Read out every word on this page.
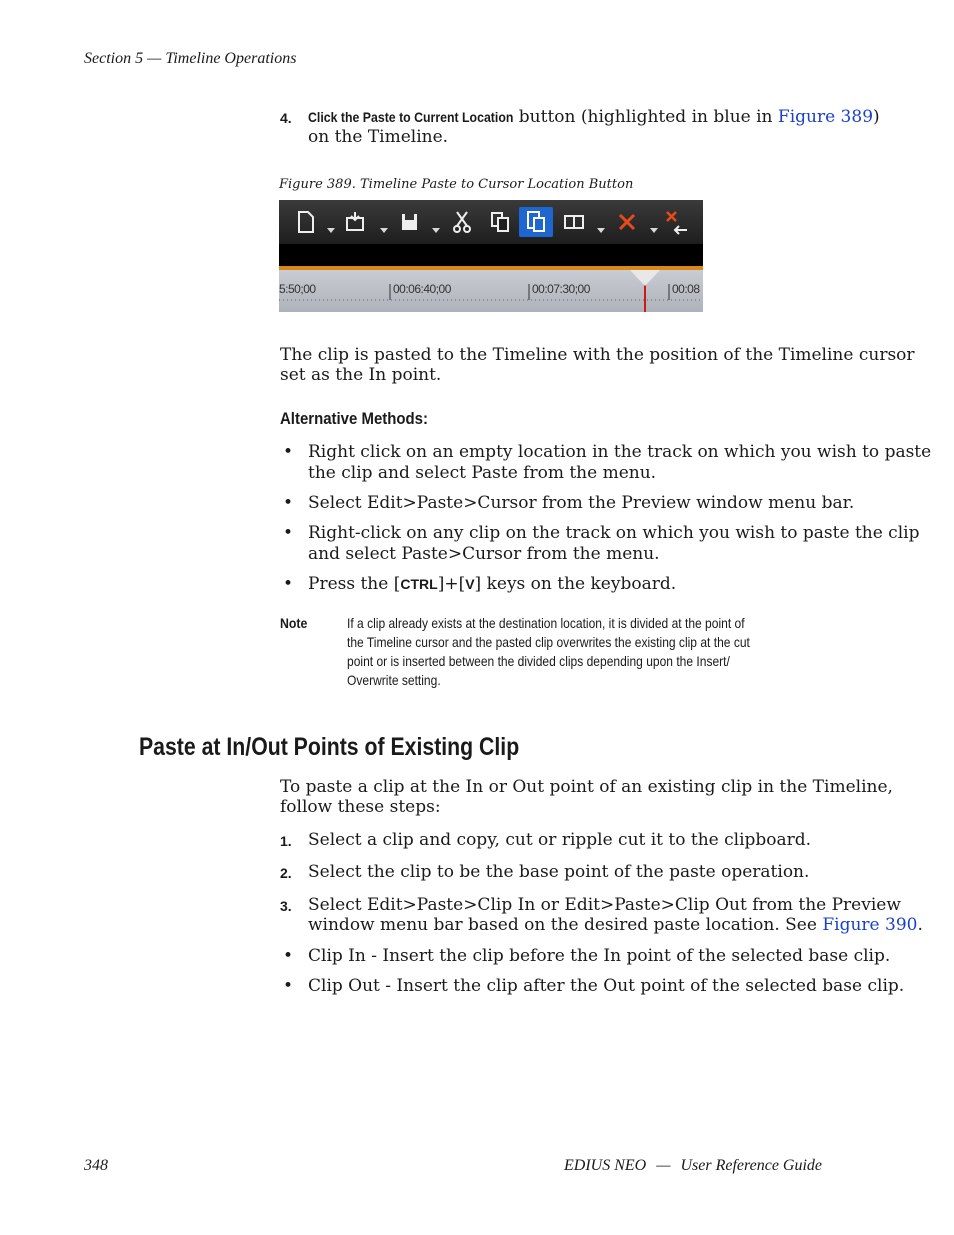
Section 5 — Timeline Operations
4. Click the Paste to Current Location button (highlighted in blue in Figure 389)
on the Timeline.
Figure 389. Timeline Paste to Cursor Location Button
5:50;00	00:06:40;00	00:07:30;00	00:08
The clip is pasted to the Timeline with the position of the Timeline cursor
set as the In point.
Alternative Methods:
• Right click on an empty location in the track on which you wish to paste
the clip and select Paste from the menu.
• Select Edit>Paste>Cursor from the Preview window menu bar.
• Right-click on any clip on the track on which you wish to paste the clip
and select Paste>Cursor from the menu.
• Press the [CTRL]+[V] keys on the keyboard.
Note	If a clip already exists at the destination location, it is divided at the point of
the Timeline cursor and the pasted clip overwrites the existing clip at the cut
point or is inserted between the divided clips depending upon the Insert/
Overwrite setting.
Paste at In/Out Points of Existing Clip
To paste a clip at the In or Out point of an existing clip in the Timeline,
follow these steps:
1. Select a clip and copy, cut or ripple cut it to the clipboard.
2. Select the clip to be the base point of the paste operation.
3. Select Edit>Paste>Clip In or Edit>Paste>Clip Out from the Preview
window menu bar based on the desired paste location. See Figure 390.
• Clip In - Insert the clip before the In point of the selected base clip.
• Clip Out - Insert the clip after the Out point of the selected base clip.
348	EDIUS NEO — User Reference Guide
